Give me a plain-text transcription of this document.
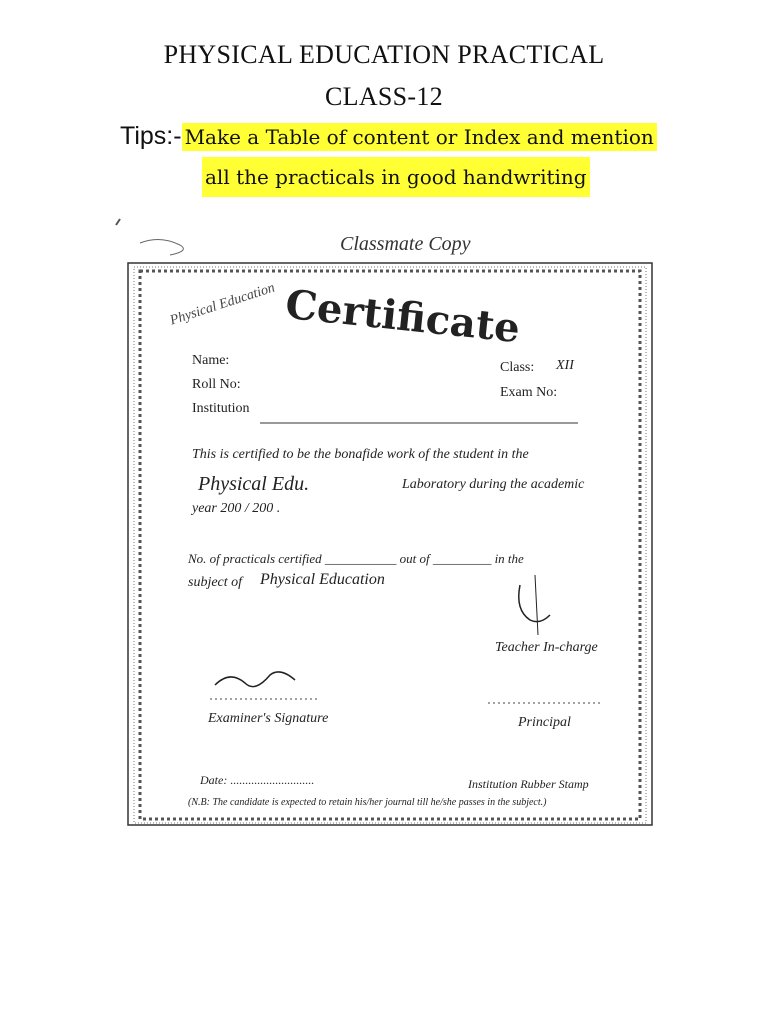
PHYSICAL EDUCATION PRACTICAL
CLASS-12
Tips:- Make a Table of content or Index and mention
all the practicals in good handwriting
Classmate Copy
Physical Education Certificate
Name:	Class: XII
Roll No:
Exam No:
Institution
This is certified to be the bonafide work of the student in the
Physical Edu.	Laboratory during the academic
year 200 / 200 .
No. of practicals certified ___________ out of _________ in the
subject of Physical Education
Teacher In-charge
Examiner's Signature	Principal
Date: ............................	Institution Rubber Stamp
(N.B: The candidate is expected to retain his/her journal till he/she passes in the subject.)
